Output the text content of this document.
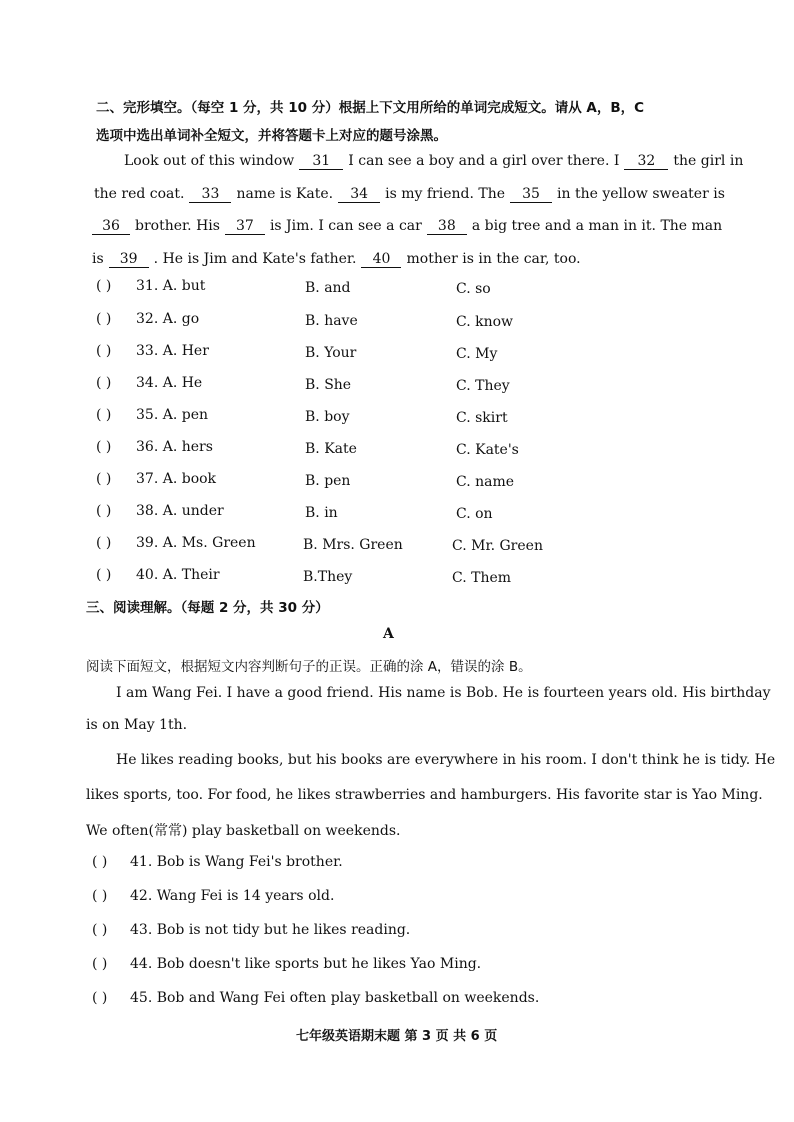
二、完形填空。（每空 1 分，共 10 分）根据上下文用所给的单词完成短文。请从 A，B，C
选项中选出单词补全短文，并将答题卡上对应的题号涂黑。
Look out of this window 31 I can see a boy and a girl over there. I 32 the girl in
the red coat. 33 name is Kate. 34 is my friend. The 35 in the yellow sweater is
36 brother. His 37 is Jim. I can see a car 38 a big tree and a man in it. The man
is 39 . He is Jim and Kate's father. 40 mother is in the car, too.
( ) 31. A. but	B. and	C. so
( ) 32. A. go	B. have	C. know
( ) 33. A. Her	B. Your	C. My
( ) 34. A. He	B. She	C. They
( ) 35. A. pen	B. boy	C. skirt
( ) 36. A. hers	B. Kate	C. Kate's
( ) 37. A. book	B. pen	C. name
( ) 38. A. under	B. in	C. on
( ) 39. A. Ms. Green	B. Mrs. Green	C. Mr. Green
( ) 40. A. Their	B.They	C. Them
三、阅读理解。（每题 2 分，共 30 分）
A
阅读下面短文，根据短文内容判断句子的正误。正确的涂 A，错误的涂 B。
I am Wang Fei. I have a good friend. His name is Bob. He is fourteen years old. His birthday
is on May 1th.
He likes reading books, but his books are everywhere in his room. I don't think he is tidy. He
likes sports, too. For food, he likes strawberries and hamburgers. His favorite star is Yao Ming.
We often(常常) play basketball on weekends.
( ) 41. Bob is Wang Fei's brother.
( ) 42. Wang Fei is 14 years old.
( ) 43. Bob is not tidy but he likes reading.
( ) 44. Bob doesn't like sports but he likes Yao Ming.
( ) 45. Bob and Wang Fei often play basketball on weekends.
七年级英语期末题 第 3 页 共 6 页
